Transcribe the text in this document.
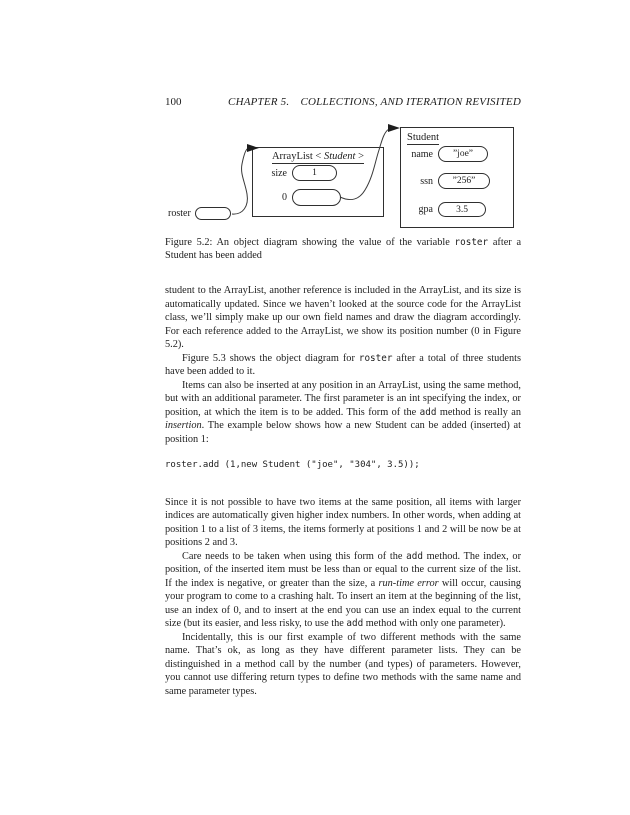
100	CHAPTER 5. COLLECTIONS, AND ITERATION REVISITED
ArrayList < Student >
size	1
0
Student
name	”joe”
ssn	”256”
gpa	3.5
roster
Figure 5.2: An object diagram showing the value of the variable roster after a Student has been added

student to the ArrayList, another reference is included in the ArrayList, and its size is automatically updated. Since we haven’t looked at the source code for the ArrayList class, we’ll simply make up our own field names and draw the diagram accordingly. For each reference added to the ArrayList, we show its position number (0 in Figure 5.2).

Figure 5.3 shows the object diagram for roster after a total of three students have been added to it.

Items can also be inserted at any position in an ArrayList, using the same method, but with an additional parameter. The first parameter is an int specifying the index, or position, at which the item is to be added. This form of the add method is really an insertion. The example below shows how a new Student can be added (inserted) at position 1:

roster.add (1,new Student ("joe", "304", 3.5));

Since it is not possible to have two items at the same position, all items with larger indices are automatically given higher index numbers. In other words, when adding at position 1 to a list of 3 items, the items formerly at positions 1 and 2 will be now be at positions 2 and 3.

Care needs to be taken when using this form of the add method. The index, or position, of the inserted item must be less than or equal to the current size of the list. If the index is negative, or greater than the size, a run-time error will occur, causing your program to come to a crashing halt. To insert an item at the beginning of the list, use an index of 0, and to insert at the end you can use an index equal to the current size (but its easier, and less risky, to use the add method with only one parameter).

Incidentally, this is our first example of two different methods with the same name. That’s ok, as long as they have different parameter lists. They can be distinguished in a method call by the number (and types) of parameters. However, you cannot use differing return types to define two methods with the same name and same parameter types.
